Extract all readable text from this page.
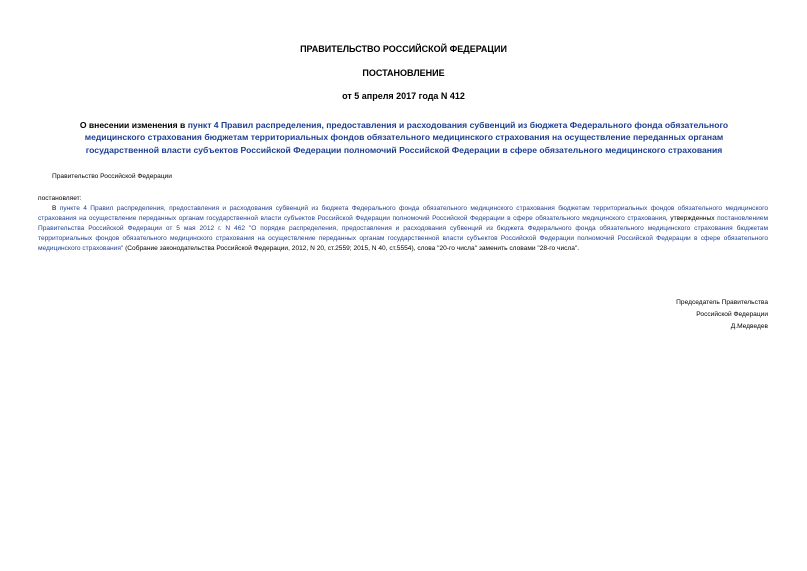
ПРАВИТЕЛЬСТВО РОССИЙСКОЙ ФЕДЕРАЦИИ
ПОСТАНОВЛЕНИЕ
от 5 апреля 2017 года N 412
О внесении изменения в пункт 4 Правил распределения, предоставления и расходования субвенций из бюджета Федерального фонда обязательного медицинского страхования бюджетам территориальных фондов обязательного медицинского страхования на осуществление переданных органам государственной власти субъектов Российской Федерации полномочий Российской Федерации в сфере обязательного медицинского страхования
Правительство Российской Федерации
постановляет:

В пункте 4 Правил распределения, предоставления и расходования субвенций из бюджета Федерального фонда обязательного медицинского страхования бюджетам территориальных фондов обязательного медицинского страхования на осуществление переданных органам государственной власти субъектов Российской Федерации полномочий Российской Федерации в сфере обязательного медицинского страхования, утвержденных постановлением Правительства Российской Федерации от 5 мая 2012 г. N 462 "О порядке распределения, предоставления и расходования субвенций из бюджета Федерального фонда обязательного медицинского страхования бюджетам территориальных фондов обязательного медицинского страхования на осуществление переданных органам государственной власти субъектов Российской Федерации полномочий Российской Федерации в сфере обязательного медицинского страхования" (Собрание законодательства Российской Федерации, 2012, N 20, ст.2559; 2015, N 40, ст.5554), слова "20-го числа" заменить словами "28-го числа".

Председатель Правительства
Российской Федерации
Д.Медведев
